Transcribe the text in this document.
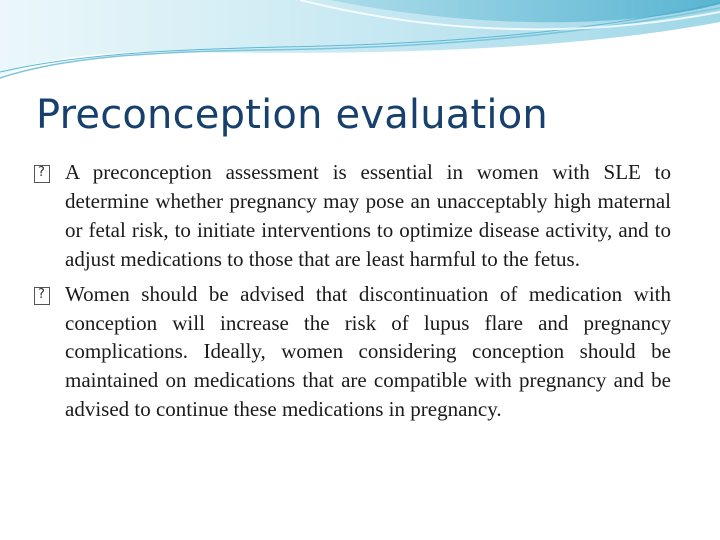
Preconception evaluation

?
A preconception assessment is essential in women with SLE to determine whether pregnancy may pose an unacceptably high maternal or fetal risk, to initiate interventions to optimize disease activity, and to adjust medications to those that are least harmful to the fetus.

?
Women should be advised that discontinuation of medication with conception will increase the risk of lupus flare and pregnancy complications. Ideally, women considering conception should be maintained on medications that are compatible with pregnancy and be advised to continue these medications in pregnancy.
